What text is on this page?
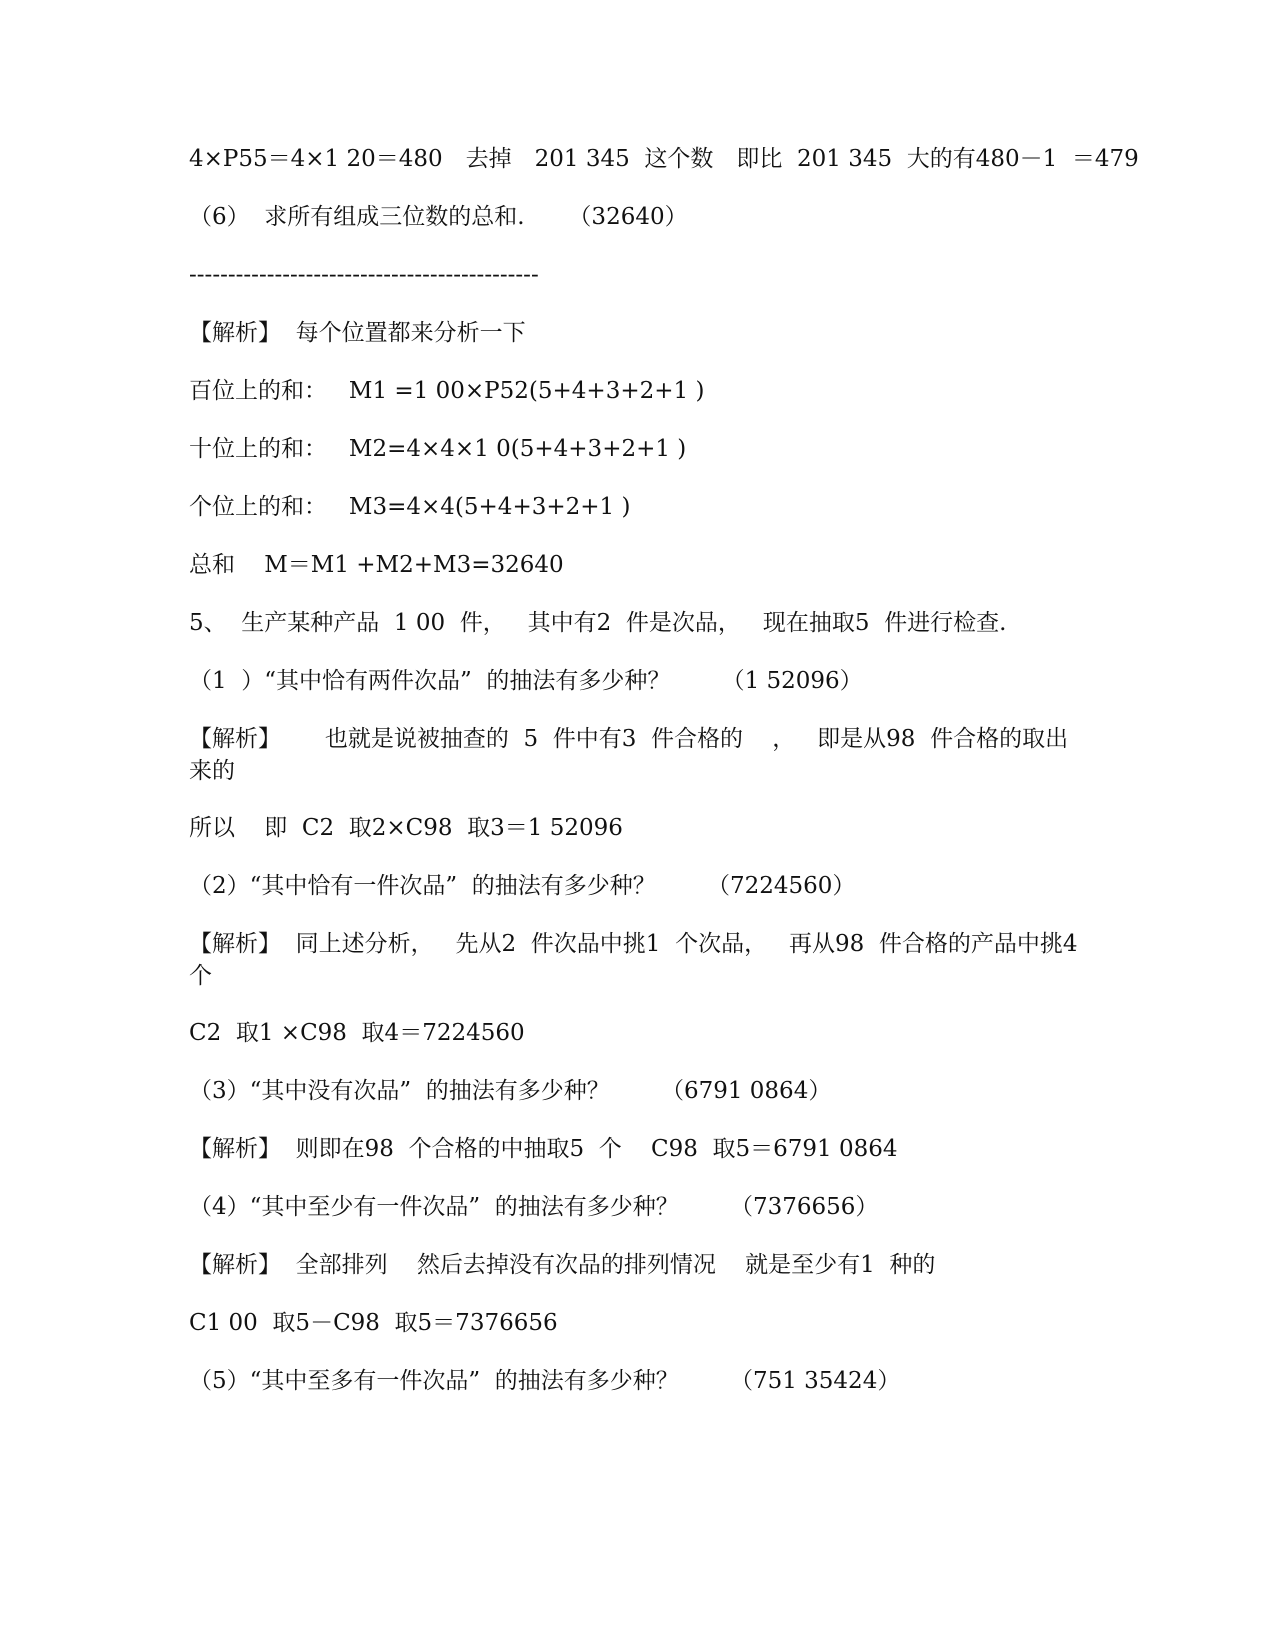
4×P55＝4×1 20＝480　去掉　201 345  这个数　即比  201 345  大的有480－1  ＝479
（6）  求所有组成三位数的总和.      （32640）
---------------------------------------------
【解析】  每个位置都来分析一下
百位上的和：   M1 =1 00×P52(5+4+3+2+1 )
十位上的和：   M2=4×4×1 0(5+4+3+2+1 )
个位上的和：   M3=4×4(5+4+3+2+1 )
总和    M＝M1 +M2+M3=32640
5、  生产某种产品  1 00  件，   其中有2  件是次品，   现在抽取5  件进行检查.
（1  ）“其中恰有两件次品”  的抽法有多少种？       （1 52096）
【解析】      也就是说被抽查的  5  件中有3  件合格的    ，   即是从98  件合格的取出
来的
所以    即  C2  取2×C98  取3＝1 52096
（2）“其中恰有一件次品”  的抽法有多少种？       （7224560）
【解析】  同上述分析，   先从2  件次品中挑1  个次品，   再从98  件合格的产品中挑4
个
C2  取1 ×C98  取4＝7224560
（3）“其中没有次品”  的抽法有多少种？       （6791 0864）
【解析】  则即在98  个合格的中抽取5  个    C98  取5＝6791 0864
（4）“其中至少有一件次品”  的抽法有多少种？       （7376656）
【解析】  全部排列    然后去掉没有次品的排列情况    就是至少有1  种的
C1 00  取5－C98  取5＝7376656
（5）“其中至多有一件次品”  的抽法有多少种？       （751 35424）
